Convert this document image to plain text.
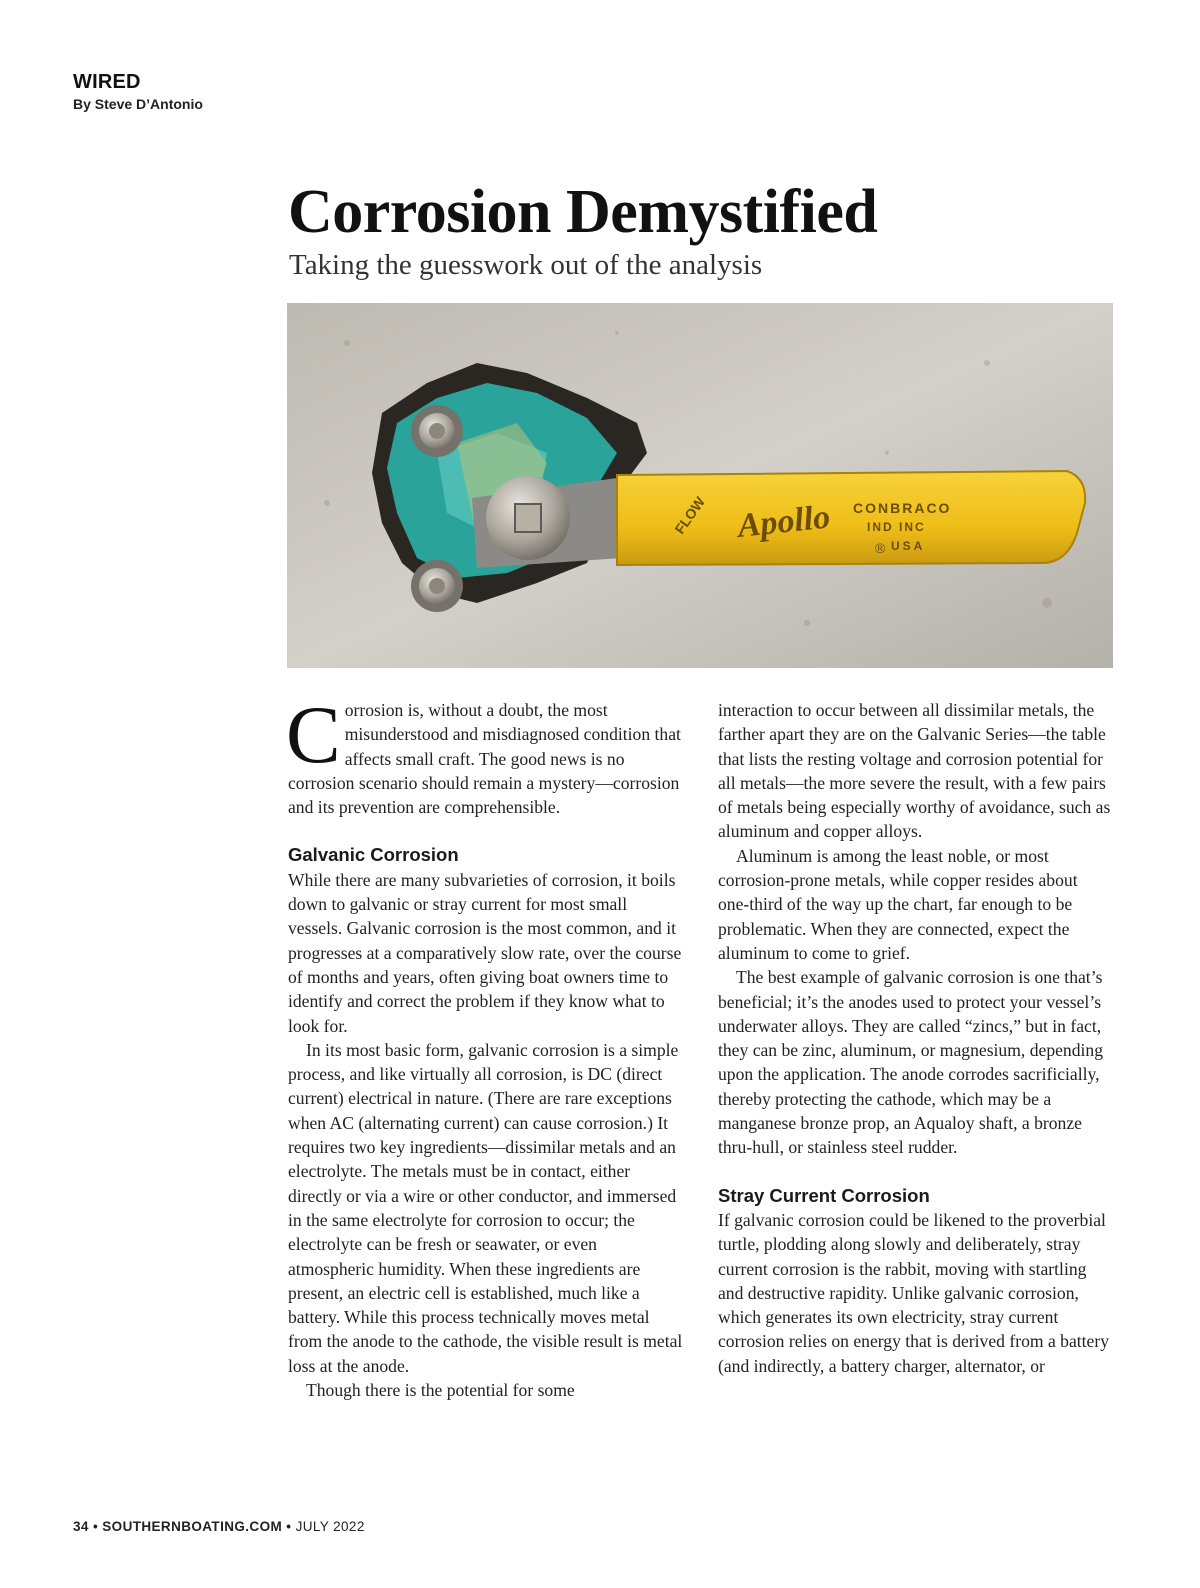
WIRED
By Steve D’Antonio
Corrosion Demystified
Taking the guesswork out of the analysis
FLOW Apollo CONBRACO
IND INC
USA
®

Corrosion is, without a doubt, the most misunderstood and misdiagnosed condition that affects small craft. The good news is no corrosion scenario should remain a mystery—corrosion and its prevention are comprehensible.

Galvanic Corrosion

While there are many subvarieties of corrosion, it boils down to galvanic or stray current for most small vessels. Galvanic corrosion is the most common, and it progresses at a comparatively slow rate, over the course of months and years, often giving boat owners time to identify and correct the problem if they know what to look for.

In its most basic form, galvanic corrosion is a simple process, and like virtually all corrosion, is DC (direct current) electrical in nature. (There are rare exceptions when AC (alternating current) can cause corrosion.) It requires two key ingredients—dissimilar metals and an electrolyte. The metals must be in contact, either directly or via a wire or other conductor, and immersed in the same electrolyte for corrosion to occur; the electrolyte can be fresh or seawater, or even atmospheric humidity. When these ingredients are present, an electric cell is established, much like a battery. While this process technically moves metal from the anode to the cathode, the visible result is metal loss at the anode.

Though there is the potential for some

interaction to occur between all dissimilar metals, the farther apart they are on the Galvanic Series—the table that lists the resting voltage and corrosion potential for all metals—the more severe the result, with a few pairs of metals being especially worthy of avoidance, such as aluminum and copper alloys.

Aluminum is among the least noble, or most corrosion-prone metals, while copper resides about one-third of the way up the chart, far enough to be problematic. When they are connected, expect the aluminum to come to grief.

The best example of galvanic corrosion is one that’s beneficial; it’s the anodes used to protect your vessel’s underwater alloys. They are called “zincs,” but in fact, they can be zinc, aluminum, or magnesium, depending upon the application. The anode corrodes sacrificially, thereby protecting the cathode, which may be a manganese bronze prop, an Aqualoy shaft, a bronze thru-hull, or stainless steel rudder.

Stray Current Corrosion

If galvanic corrosion could be likened to the proverbial turtle, plodding along slowly and deliberately, stray current corrosion is the rabbit, moving with startling and destructive rapidity. Unlike galvanic corrosion, which generates its own electricity, stray current corrosion relies on energy that is derived from a battery (and indirectly, a battery charger, alternator, or

34 • SOUTHERNBOATING.COM • JULY 2022
